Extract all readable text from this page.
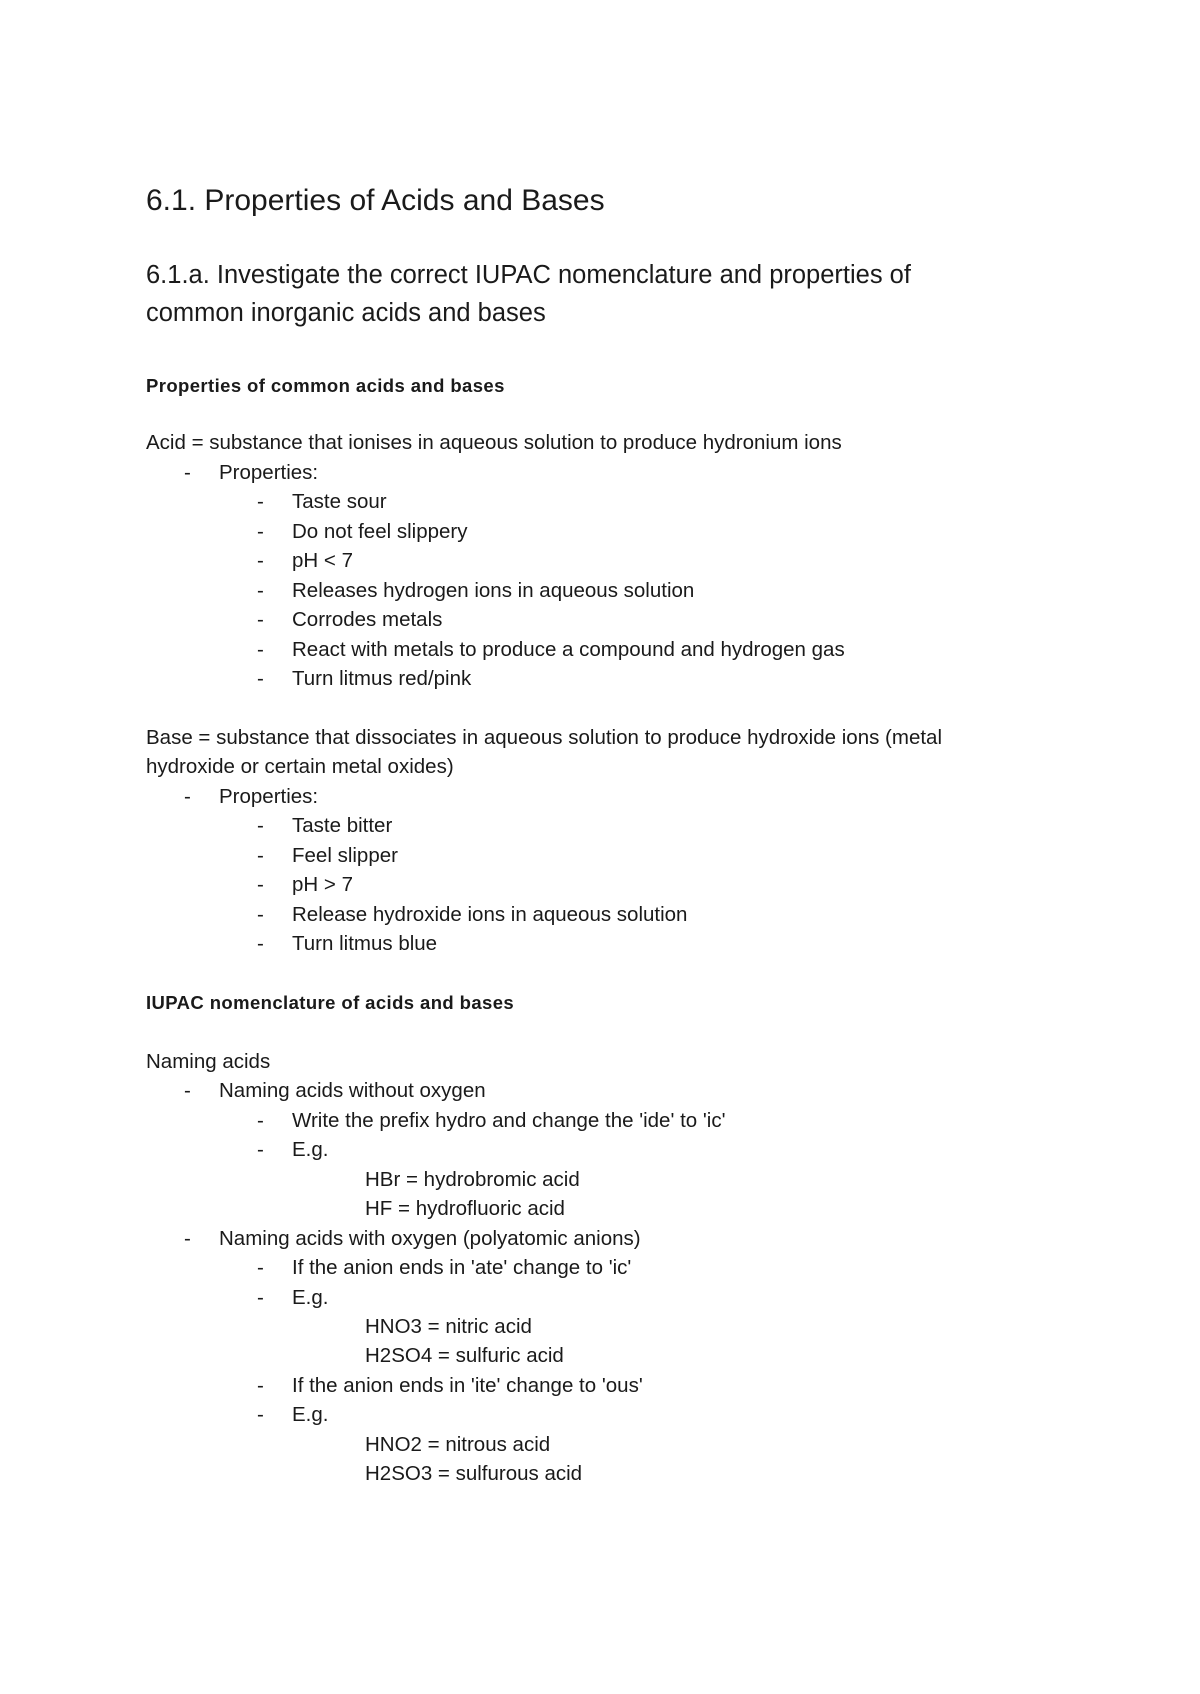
6.1. Properties of Acids and Bases
6.1.a. Investigate the correct IUPAC nomenclature and properties of
common inorganic acids and bases
Properties of common acids and bases
Acid = substance that ionises in aqueous solution to produce hydronium ions
- Properties:
- Taste sour
- Do not feel slippery
- pH < 7
- Releases hydrogen ions in aqueous solution
- Corrodes metals
- React with metals to produce a compound and hydrogen gas
- Turn litmus red/pink
Base = substance that dissociates in aqueous solution to produce hydroxide ions (metal
hydroxide or certain metal oxides)
- Properties:
- Taste bitter
- Feel slipper
- pH > 7
- Release hydroxide ions in aqueous solution
- Turn litmus blue
IUPAC nomenclature of acids and bases
Naming acids
- Naming acids without oxygen
- Write the prefix hydro and change the 'ide' to 'ic'
- E.g.
HBr = hydrobromic acid
HF = hydrofluoric acid
- Naming acids with oxygen (polyatomic anions)
- If the anion ends in 'ate' change to 'ic'
- E.g.
HNO3 = nitric acid
H2SO4 = sulfuric acid
- If the anion ends in 'ite' change to 'ous'
- E.g.
HNO2 = nitrous acid
H2SO3 = sulfurous acid
